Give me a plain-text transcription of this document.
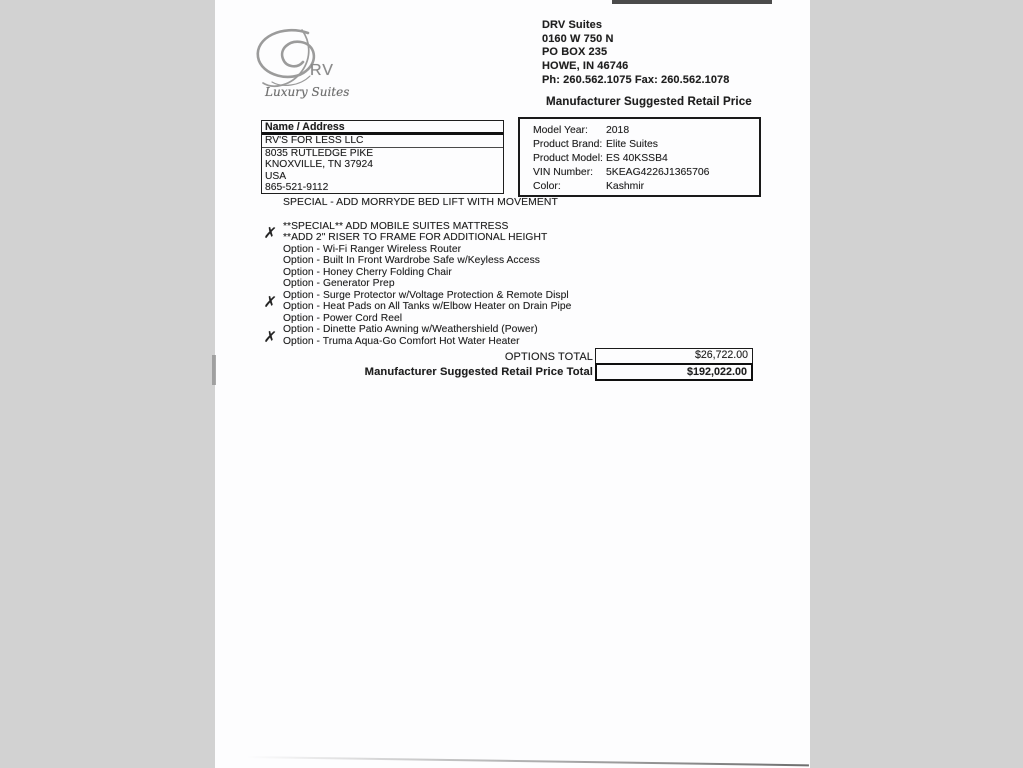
RV
Luxury Suites
DRV Suites
0160 W 750 N
PO BOX 235
HOWE, IN 46746
Ph: 260.562.1075 Fax: 260.562.1078
Manufacturer Suggested Retail Price
Name / Address
RV'S FOR LESS LLC
8035 RUTLEDGE PIKE
KNOXVILLE, TN 37924
USA
865-521-9112
Model Year:	2018
Product Brand: Elite Suites
Product Model: ES 40KSSB4
VIN Number:	5KEAG4226J1365706
Color:	Kashmir
SPECIAL - ADD MORRYDE BED LIFT WITH MOVEMENT
**SPECIAL** ADD MOBILE SUITES MATTRESS
✗ **ADD 2" RISER TO FRAME FOR ADDITIONAL HEIGHT
Option - Wi-Fi Ranger Wireless Router
Option - Built In Front Wardrobe Safe w/Keyless Access
Option - Honey Cherry Folding Chair
Option - Generator Prep
Option - Surge Protector w/Voltage Protection & Remote Displ
✗ Option - Heat Pads on All Tanks w/Elbow Heater on Drain Pipe
Option - Power Cord Reel
Option - Dinette Patio Awning w/Weathershield (Power)
✗ Option - Truma Aqua-Go Comfort Hot Water Heater
OPTIONS TOTAL	$26,722.00
Manufacturer Suggested Retail Price Total	$192,022.00
